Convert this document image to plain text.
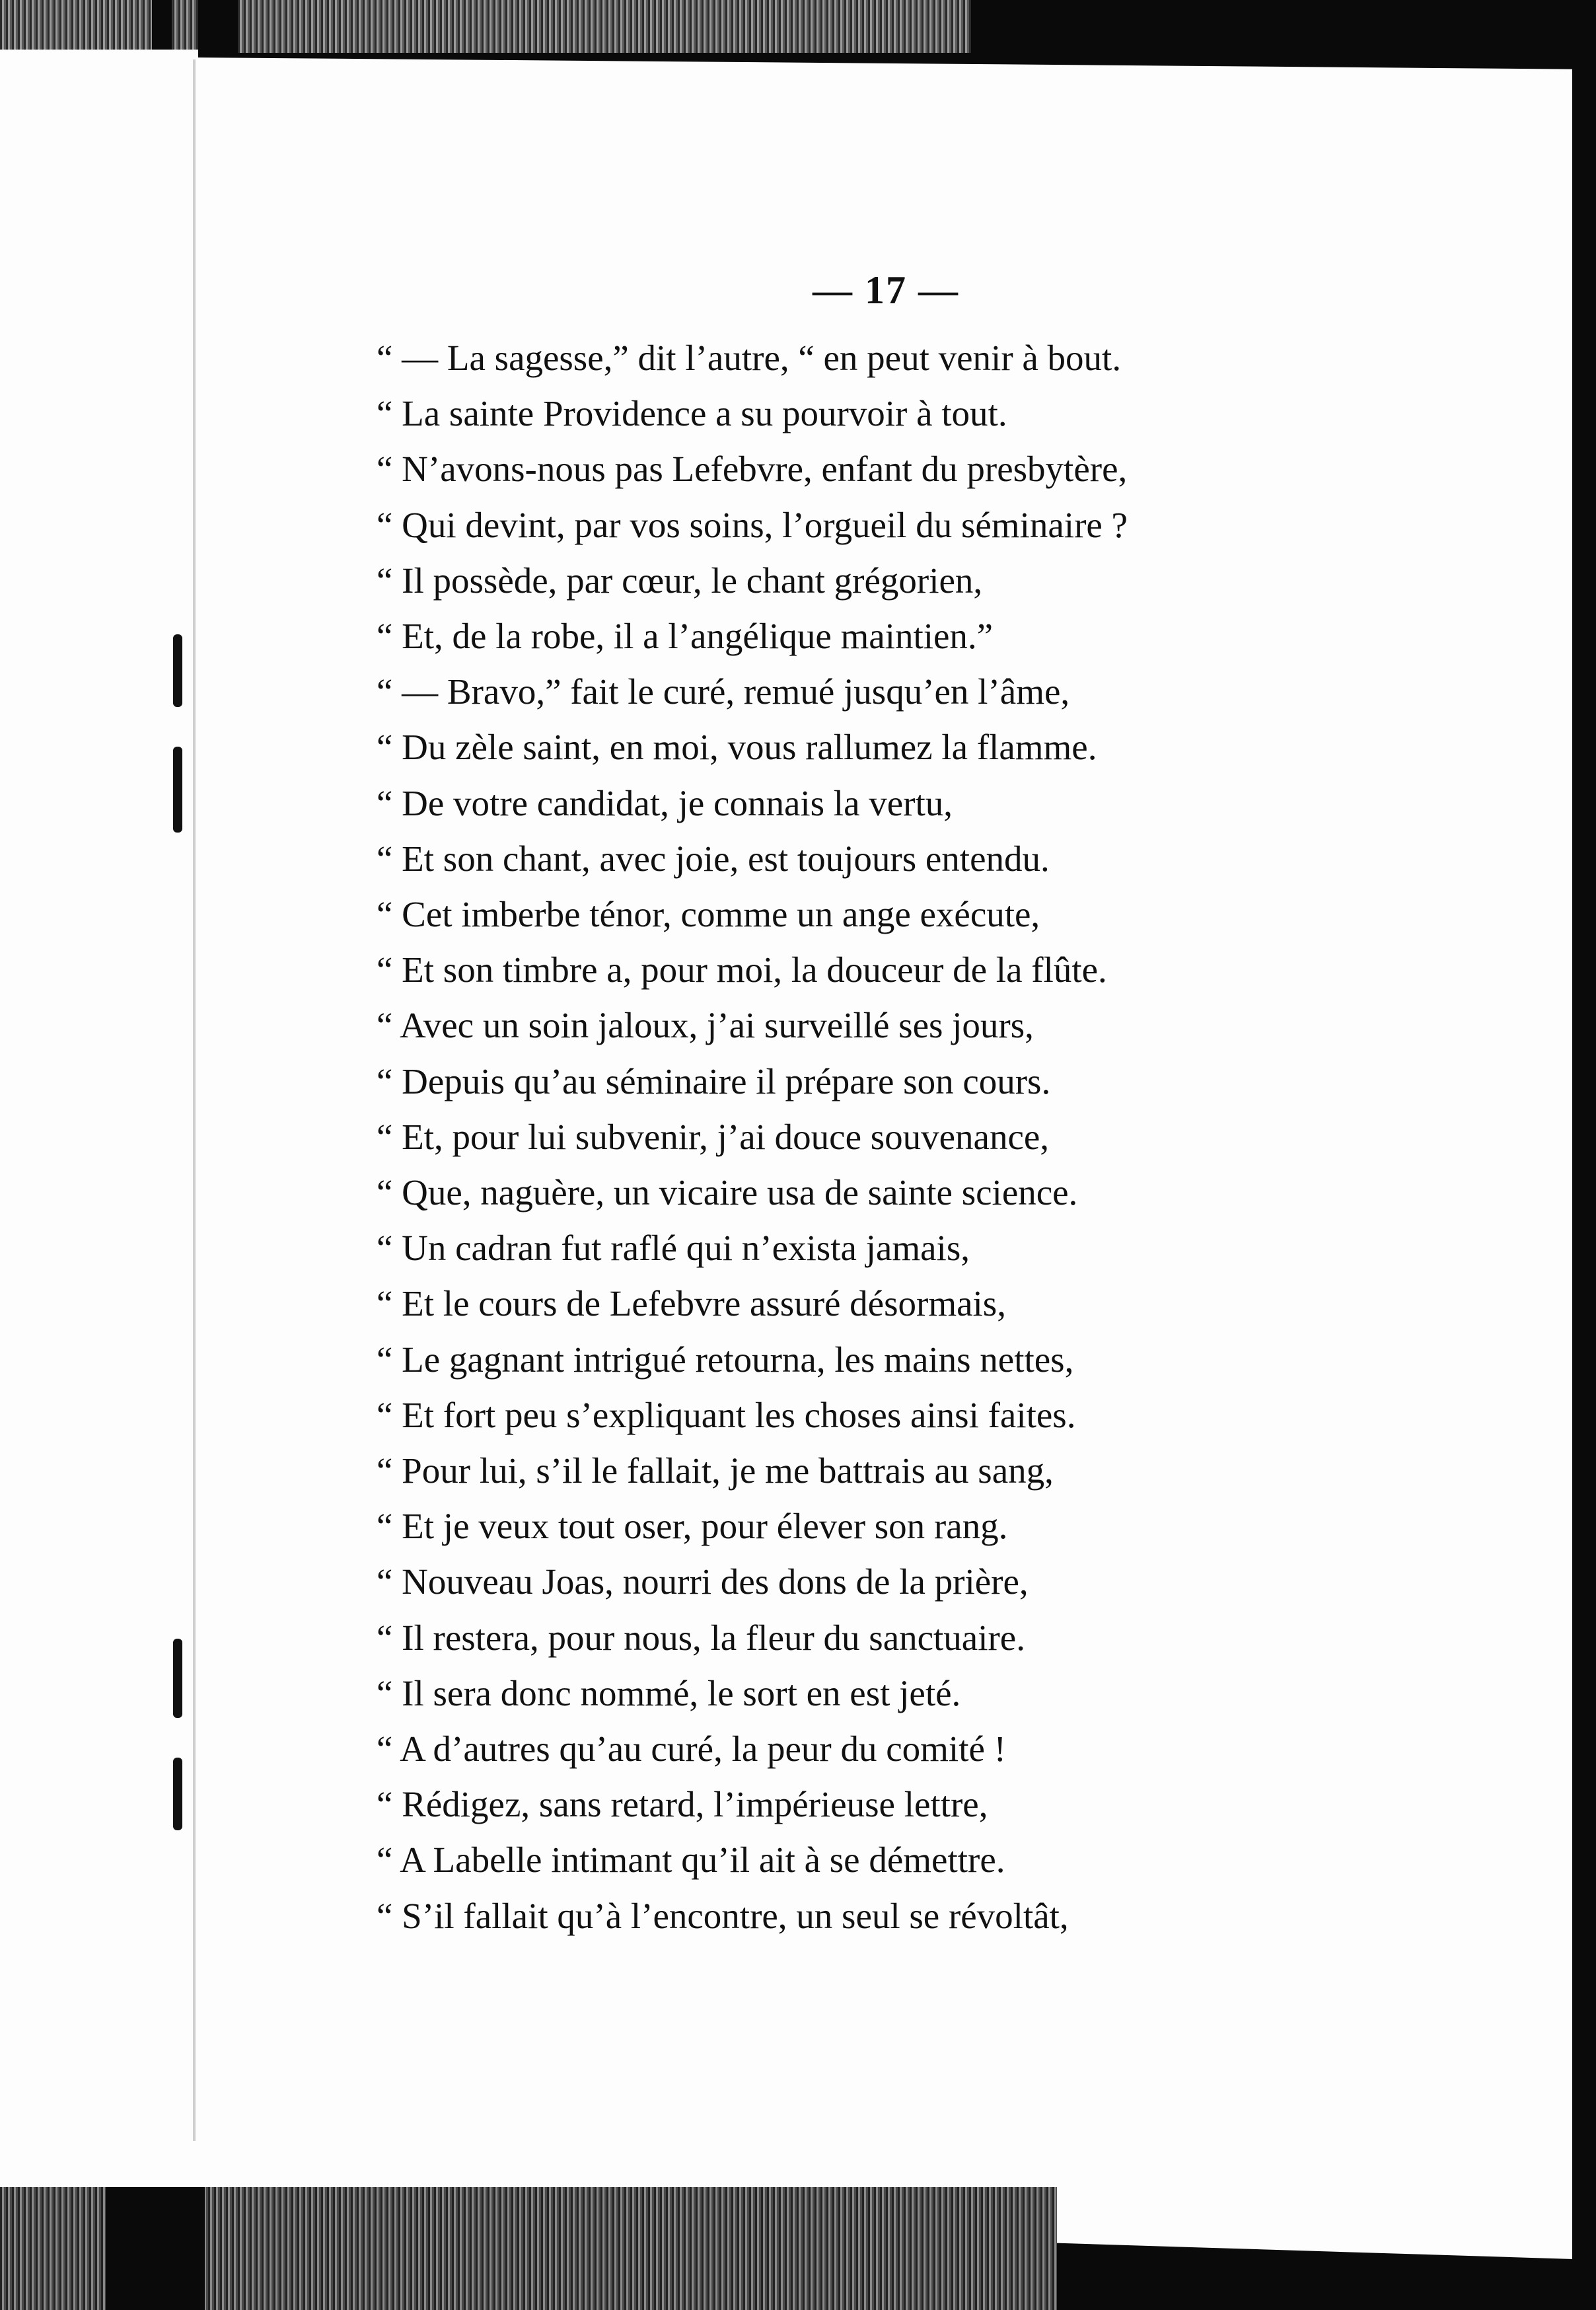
— 17 —
“ — La sagesse,” dit l’autre, “ en peut venir à bout.
“ La sainte Providence a su pourvoir à tout.
“ N’avons-nous pas Lefebvre, enfant du presbytère,
“ Qui devint, par vos soins, l’orgueil du séminaire ?
“ Il possède, par cœur, le chant grégorien,
“ Et, de la robe, il a l’angélique maintien.”
“ — Bravo,” fait le curé, remué jusqu’en l’âme,
“ Du zèle saint, en moi, vous rallumez la flamme.
“ De votre candidat, je connais la vertu,
“ Et son chant, avec joie, est toujours entendu.
“ Cet imberbe ténor, comme un ange exécute,
“ Et son timbre a, pour moi, la douceur de la flûte.
“ Avec un soin jaloux, j’ai surveillé ses jours,
“ Depuis qu’au séminaire il prépare son cours.
“ Et, pour lui subvenir, j’ai douce souvenance,
“ Que, naguère, un vicaire usa de sainte science.
“ Un cadran fut raflé qui n’exista jamais,
“ Et le cours de Lefebvre assuré désormais,
“ Le gagnant intrigué retourna, les mains nettes,
“ Et fort peu s’expliquant les choses ainsi faites.
“ Pour lui, s’il le fallait, je me battrais au sang,
“ Et je veux tout oser, pour élever son rang.
“ Nouveau Joas, nourri des dons de la prière,
“ Il restera, pour nous, la fleur du sanctuaire.
“ Il sera donc nommé, le sort en est jeté.
“ A d’autres qu’au curé, la peur du comité !
“ Rédigez, sans retard, l’impérieuse lettre,
“ A Labelle intimant qu’il ait à se démettre.
“ S’il fallait qu’à l’encontre, un seul se révoltât,
